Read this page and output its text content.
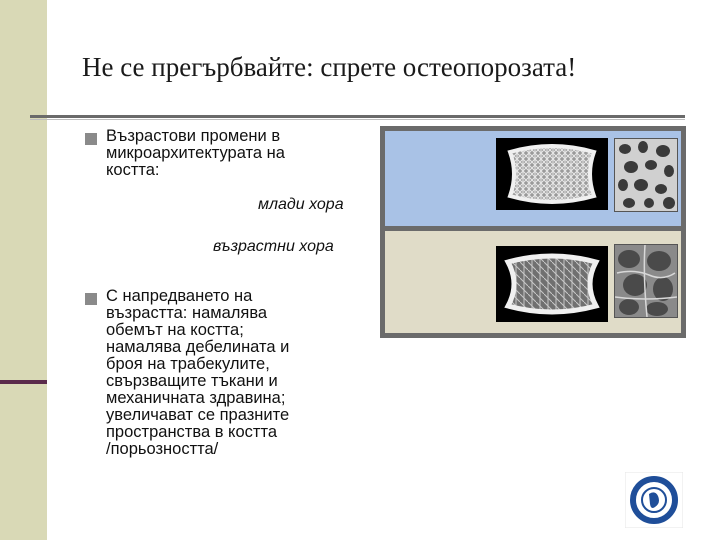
Не се прегърбвайте: спрете остеопорозата!
Възрастови промени в
микроархитектурата на
костта:
млади хора
възрастни хора
С напредването на
възрастта: намалява
обемът на костта;
намалява дебелината и
броя на трабекулите,
свързващите тъкани и
механичната здравина;
увеличават се празните
пространства в костта
/порьозността/
